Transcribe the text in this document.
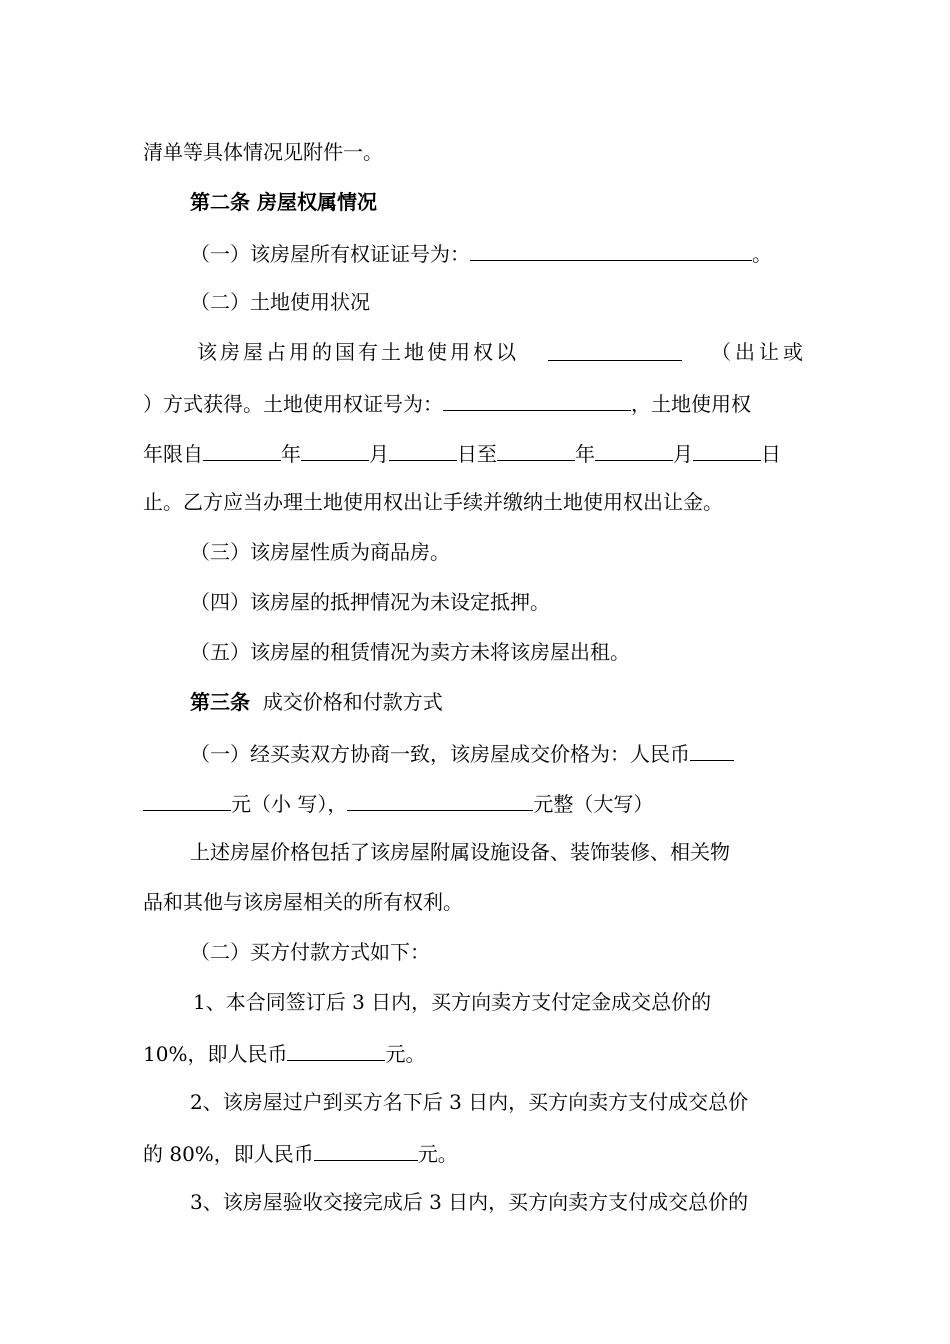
清单等具体情况见附件一。
第二条 房屋权属情况
（一）该房屋所有权证证号为：	。
（二）土地使用状况
该房屋占用的国有土地使用权以	（出让或
）方式获得。土地使用权证号为：	，土地使用权
年限自	年	月	日至	年	月	日
止。乙方应当办理土地使用权出让手续并缴纳土地使用权出让金。
（三）该房屋性质为商品房。
（四）该房屋的抵押情况为未设定抵押。
（五）该房屋的租赁情况为卖方未将该房屋出租。
第三条 成交价格和付款方式
（一）经买卖双方协商一致，该房屋成交价格为：人民币
元（小 写），	元整（大写）
上述房屋价格包括了该房屋附属设施设备、装饰装修、相关物
品和其他与该房屋相关的所有权利。
（二）买方付款方式如下：
1、本合同签订后 3 日内，买方向卖方支付定金成交总价的
10%，即人民币	元。
2、该房屋过户到买方名下后 3 日内，买方向卖方支付成交总价
的 80%，即人民币	元。
3、该房屋验收交接完成后 3 日内，买方向卖方支付成交总价的
